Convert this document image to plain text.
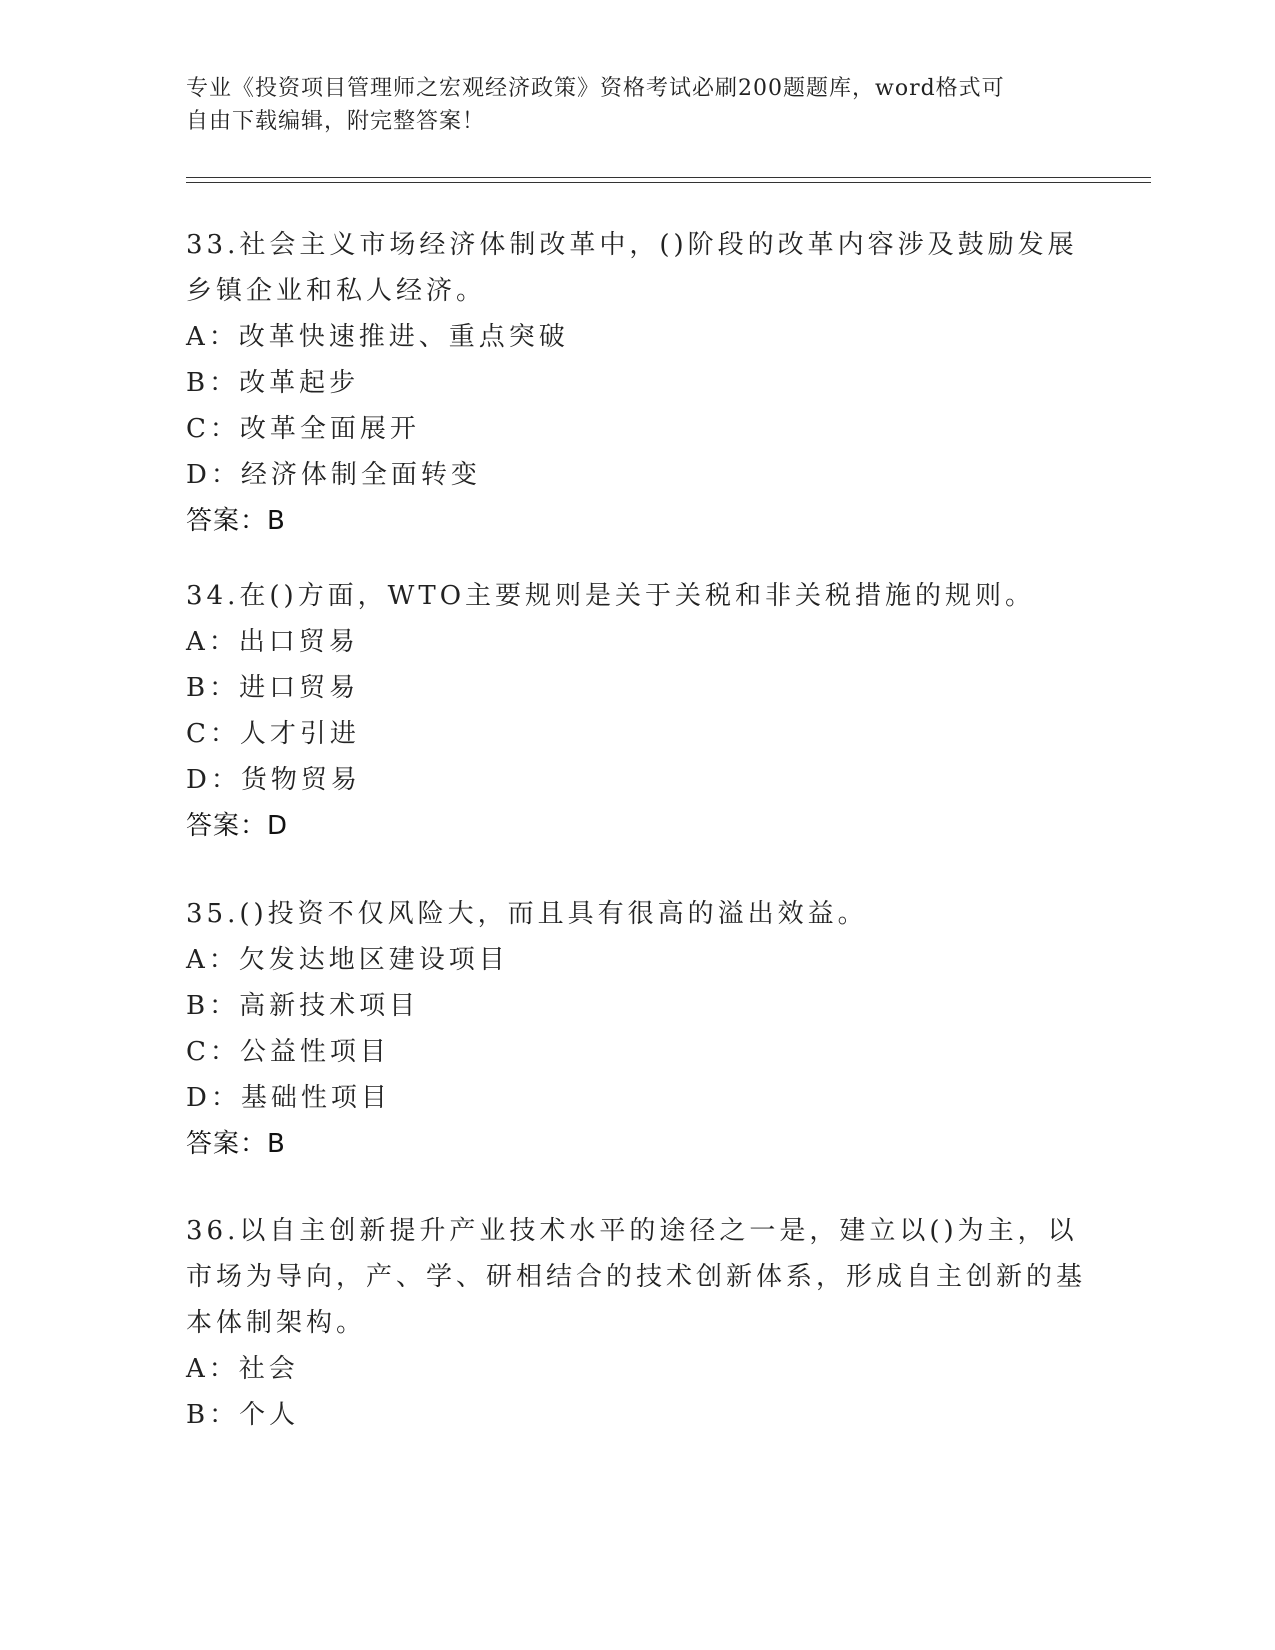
专业《投资项目管理师之宏观经济政策》资格考试必刷200题题库，word格式可
自由下载编辑，附完整答案！

33.社会主义市场经济体制改革中，()阶段的改革内容涉及鼓励发展乡镇企业和私人经济。

A：改革快速推进、重点突破

B：改革起步

C：改革全面展开

D：经济体制全面转变

答案：B

34.在()方面，WTO主要规则是关于关税和非关税措施的规则。

A：出口贸易

B：进口贸易

C：人才引进

D：货物贸易

答案：D

35.()投资不仅风险大，而且具有很高的溢出效益。

A：欠发达地区建设项目

B：高新技术项目

C：公益性项目

D：基础性项目

答案：B

36.以自主创新提升产业技术水平的途径之一是，建立以()为主，以市场为导向，产、学、研相结合的技术创新体系，形成自主创新的基本体制架构。

A：社会

B：个人
